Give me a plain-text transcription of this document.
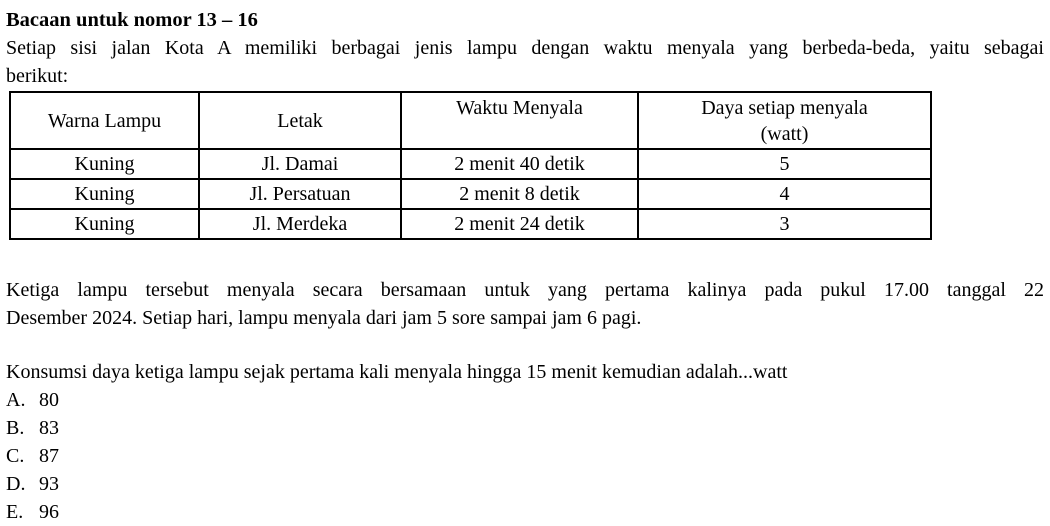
Bacaan untuk nomor 13 – 16
Setiap sisi jalan Kota A memiliki berbagai jenis lampu dengan waktu menyala yang berbeda-beda, yaitu sebagai
berikut:
Warna Lampu	Letak	Waktu Menyala	Daya setiap menyala
(watt)

Kuning	Jl. Damai	2 menit 40 detik	5
Kuning	Jl. Persatuan	2 menit 8 detik	4
Kuning	Jl. Merdeka	2 menit 24 detik	3
Ketiga lampu tersebut menyala secara bersamaan untuk yang pertama kalinya pada pukul 17.00 tanggal 22
Desember 2024. Setiap hari, lampu menyala dari jam 5 sore sampai jam 6 pagi.
Konsumsi daya ketiga lampu sejak pertama kali menyala hingga 15 menit kemudian adalah...watt
A. 80
B. 83
C. 87
D. 93
E. 96
